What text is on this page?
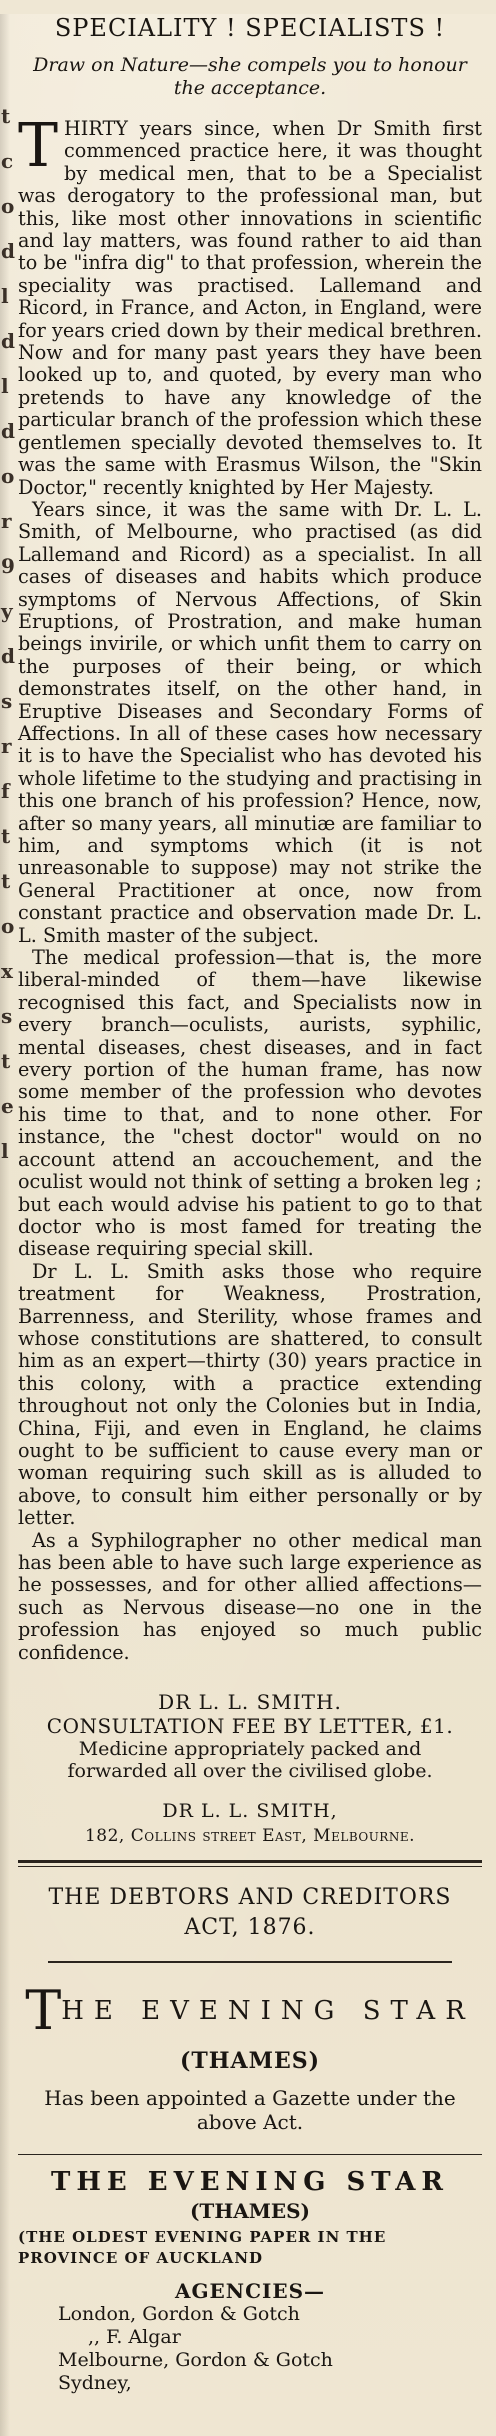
t
c
o
d
l
d
l
d
o
r
9
y
d
s
r
f
t
t
o
x
s
t
e
l
SPECIALITY ! SPECIALISTS !
Draw on Nature—she compels you to honour the acceptance.

THIRTY years since, when Dr Smith first commenced practice here, it was thought by medical men, that to be a Specialist was derogatory to the professional man, but this, like most other innovations in scientific and lay matters, was found rather to aid than to be "infra dig" to that profession, wherein the speciality was practised. Lallemand and Ricord, in France, and Acton, in England, were for years cried down by their medical brethren. Now and for many past years they have been looked up to, and quoted, by every man who pretends to have any knowledge of the particular branch of the profession which these gentlemen specially devoted themselves to. It was the same with Erasmus Wilson, the "Skin Doctor," recently knighted by Her Majesty.

Years since, it was the same with Dr. L. L. Smith, of Melbourne, who practised (as did Lallemand and Ricord) as a specialist. In all cases of diseases and habits which produce symptoms of Nervous Affections, of Skin Eruptions, of Prostration, and make human beings invirile, or which unfit them to carry on the purposes of their being, or which demonstrates itself, on the other hand, in Eruptive Diseases and Secondary Forms of Affections. In all of these cases how necessary it is to have the Specialist who has devoted his whole lifetime to the studying and practising in this one branch of his profession? Hence, now, after so many years, all minutiæ are familiar to him, and symptoms which (it is not unreasonable to suppose) may not strike the General Practitioner at once, now from constant practice and observation made Dr. L. L. Smith master of the subject.

The medical profession—that is, the more liberal-minded of them—have likewise recognised this fact, and Specialists now in every branch—oculists, aurists, syphilic, mental diseases, chest diseases, and in fact every portion of the human frame, has now some member of the profession who devotes his time to that, and to none other. For instance, the "chest doctor" would on no account attend an accouchement, and the oculist would not think of setting a broken leg ; but each would advise his patient to go to that doctor who is most famed for treating the disease requiring special skill.

Dr L. L. Smith asks those who require treatment for Weakness, Prostration, Barrenness, and Sterility, whose frames and whose constitutions are shattered, to consult him as an expert—thirty (30) years practice in this colony, with a practice extending throughout not only the Colonies but in India, China, Fiji, and even in England, he claims ought to be sufficient to cause every man or woman requiring such skill as is alluded to above, to consult him either personally or by letter.

As a Syphilographer no other medical man has been able to have such large experience as he possesses, and for other allied affections—such as Nervous disease—no one in the profession has enjoyed so much public confidence.

DR L. L. SMITH.
CONSULTATION FEE BY LETTER, £1.
Medicine appropriately packed and forwarded all over the civilised globe.
DR L. L. SMITH,
182, Collins street East, Melbourne.
THE DEBTORS AND CREDITORS
ACT, 1876.
THE EVENING STAR
(THAMES)
Has been appointed a Gazette under the above Act.
THE EVENING STAR
(THAMES)
(THE OLDEST EVENING PAPER IN THE PROVINCE OF AUCKLAND
AGENCIES—
London, Gordon & Gotch
,, F. Algar
Melbourne, Gordon & Gotch
Sydney,
